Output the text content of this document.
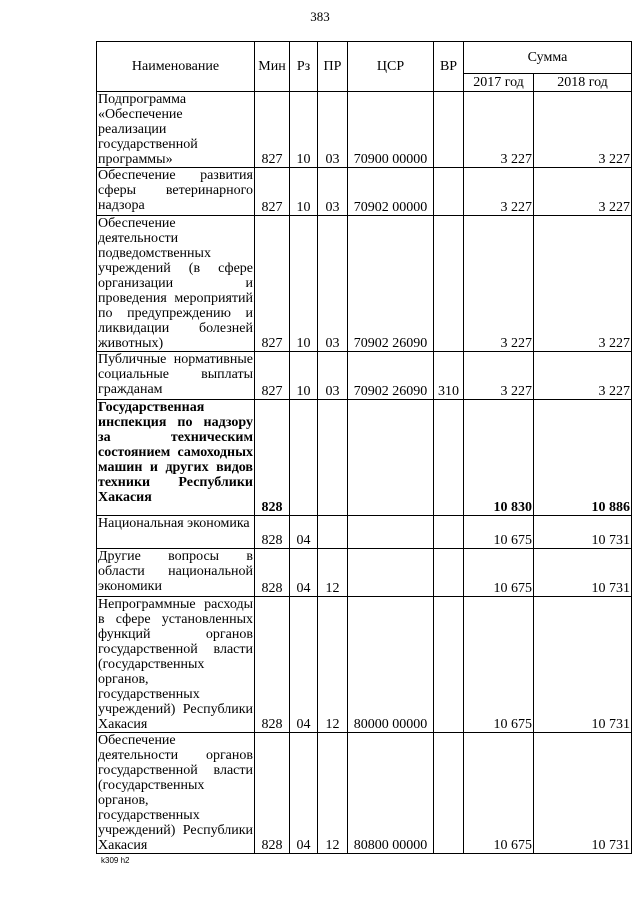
383
Наименование	Мин	Рз	ПР	ЦСР	ВР	Сумма	
						2017 год	2018 год
Подпрограмма «Обеспечение реализации государственной программы»	827	10	03	70900 00000		3 227	3 227
Обеспечение развития сферы ветеринарного надзора	827	10	03	70902 00000		3 227	3 227
Обеспечение деятельности подведомственных учреждений (в сфере организации и проведения мероприятий по предупреждению и ликвидации болезней животных)	827	10	03	70902 26090		3 227	3 227
Публичные нормативные социальные выплаты гражданам	827	10	03	70902 26090	310	3 227	3 227
Государственная инспекция по надзору за техническим состоянием самоходных машин и других видов техники Республики Хакасия	828					10 830	10 886
Национальная экономика	828	04				10 675	10 731
Другие вопросы в области национальной экономики	828	04	12			10 675	10 731
Непрограммные расходы в сфере установленных функций органов государственной власти (государственных органов, государственных учреждений) Республики Хакасия	828	04	12	80000 00000		10 675	10 731
Обеспечение деятельности органов государственной власти (государственных органов, государственных учреждений) Республики Хакасия	828	04	12	80800 00000		10 675	10 731
k309 h2
